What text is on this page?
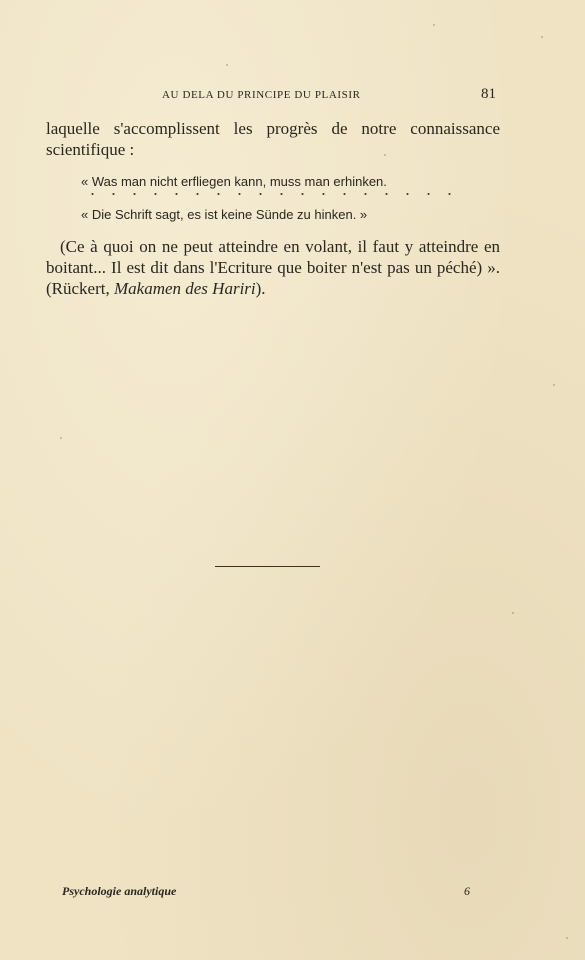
AU DELA DU PRINCIPE DU PLAISIR	81
laquelle s'accomplissent les progrès de notre connaissance scientifique :
« Was man nicht erfliegen kann, muss man erhinken.
« Die Schrift sagt, es ist keine Sünde zu hinken. »
(Ce à quoi on ne peut atteindre en volant, il faut y atteindre en boitant... Il est dit dans l'Ecriture que boiter n'est pas un péché) ». (Rückert, Makamen des Hariri).
Psychologie analytique	6
